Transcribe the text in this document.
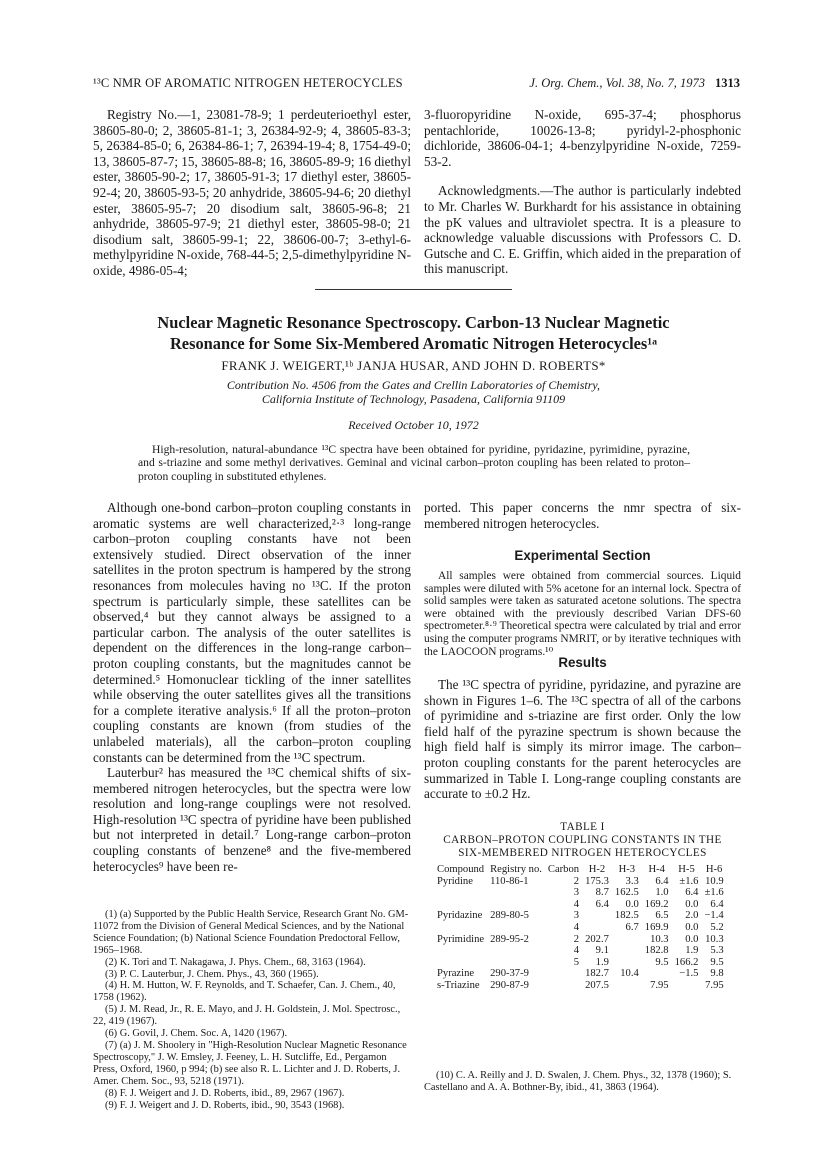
¹³C NMR OF AROMATIC NITROGEN HETEROCYCLES	J. Org. Chem., Vol. 38, No. 7, 1973 1313

Registry No.—1, 23081-78-9; 1 perdeuterioethyl ester, 38605-80-0; 2, 38605-81-1; 3, 26384-92-9; 4, 38605-83-3; 5, 26384-85-0; 6, 26384-86-1; 7, 26394-19-4; 8, 1754-49-0; 13, 38605-87-7; 15, 38605-88-8; 16, 38605-89-9; 16 diethyl ester, 38605-90-2; 17, 38605-91-3; 17 diethyl ester, 38605-92-4; 20, 38605-93-5; 20 anhydride, 38605-94-6; 20 diethyl ester, 38605-95-7; 20 disodium salt, 38605-96-8; 21 anhydride, 38605-97-9; 21 diethyl ester, 38605-98-0; 21 disodium salt, 38605-99-1; 22, 38606-00-7; 3-ethyl-6-methylpyridine N-oxide, 768-44-5; 2,5-dimethylpyridine N-oxide, 4986-05-4;

3-fluoropyridine N-oxide, 695-37-4; phosphorus pentachloride, 10026-13-8; pyridyl-2-phosphonic dichloride, 38606-04-1; 4-benzylpyridine N-oxide, 7259-53-2.

Acknowledgments.—The author is particularly indebted to Mr. Charles W. Burkhardt for his assistance in obtaining the pK values and ultraviolet spectra. It is a pleasure to acknowledge valuable discussions with Professors C. D. Gutsche and C. E. Griffin, which aided in the preparation of this manuscript.

Nuclear Magnetic Resonance Spectroscopy. Carbon-13 Nuclear Magnetic
Resonance for Some Six-Membered Aromatic Nitrogen Heterocycles¹ᵃ
FRANK J. WEIGERT,¹ᵇ JANJA HUSAR, AND JOHN D. ROBERTS*
Contribution No. 4506 from the Gates and Crellin Laboratories of Chemistry,
California Institute of Technology, Pasadena, California 91109
Received October 10, 1972

High-resolution, natural-abundance ¹³C spectra have been obtained for pyridine, pyridazine, pyrimidine, pyrazine, and s-triazine and some methyl derivatives. Geminal and vicinal carbon–proton coupling has been related to proton–proton coupling in substituted ethylenes.

Although one-bond carbon–proton coupling constants in aromatic systems are well characterized,²·³ long-range carbon–proton coupling constants have not been extensively studied. Direct observation of the inner satellites in the proton spectrum is hampered by the strong resonances from molecules having no ¹³C. If the proton spectrum is particularly simple, these satellites can be observed,⁴ but they cannot always be assigned to a particular carbon. The analysis of the outer satellites is dependent on the differences in the long-range carbon–proton coupling constants, but the magnitudes cannot be determined.⁵ Homonuclear tickling of the inner satellites while observing the outer satellites gives all the transitions for a complete iterative analysis.⁶ If all the proton–proton coupling constants are known (from studies of the unlabeled materials), all the carbon–proton coupling constants can be determined from the ¹³C spectrum.

Lauterbur² has measured the ¹³C chemical shifts of six-membered nitrogen heterocycles, but the spectra were low resolution and long-range couplings were not resolved. High-resolution ¹³C spectra of pyridine have been published but not interpreted in detail.⁷ Long-range carbon–proton coupling constants of benzene⁸ and the five-membered heterocycles⁹ have been re-

(1) (a) Supported by the Public Health Service, Research Grant No. GM-11072 from the Division of General Medical Sciences, and by the National Science Foundation; (b) National Science Foundation Predoctoral Fellow, 1965–1968.

(2) K. Tori and T. Nakagawa, J. Phys. Chem., 68, 3163 (1964).

(3) P. C. Lauterbur, J. Chem. Phys., 43, 360 (1965).

(4) H. M. Hutton, W. F. Reynolds, and T. Schaefer, Can. J. Chem., 40, 1758 (1962).

(5) J. M. Read, Jr., R. E. Mayo, and J. H. Goldstein, J. Mol. Spectrosc., 22, 419 (1967).

(6) G. Govil, J. Chem. Soc. A, 1420 (1967).

(7) (a) J. M. Shoolery in "High-Resolution Nuclear Magnetic Resonance Spectroscopy," J. W. Emsley, J. Feeney, L. H. Sutcliffe, Ed., Pergamon Press, Oxford, 1960, p 994; (b) see also R. L. Lichter and J. D. Roberts, J. Amer. Chem. Soc., 93, 5218 (1971).

(8) F. J. Weigert and J. D. Roberts, ibid., 89, 2967 (1967).

(9) F. J. Weigert and J. D. Roberts, ibid., 90, 3543 (1968).

ported. This paper concerns the nmr spectra of six-membered nitrogen heterocycles.

Experimental Section

All samples were obtained from commercial sources. Liquid samples were diluted with 5% acetone for an internal lock. Spectra of solid samples were taken as saturated acetone solutions. The spectra were obtained with the previously described Varian DFS-60 spectrometer.⁸·⁹ Theoretical spectra were calculated by trial and error using the computer programs NMRIT, or by iterative techniques with the LAOCOON programs.¹⁰

Results

The ¹³C spectra of pyridine, pyridazine, and pyrazine are shown in Figures 1–6. The ¹³C spectra of all of the carbons of pyrimidine and s-triazine are first order. Only the low field half of the pyrazine spectrum is shown because the high field half is simply its mirror image. The carbon–proton coupling constants for the parent heterocycles are summarized in Table I. Long-range coupling constants are accurate to ±0.2 Hz.

TABLE I
CARBON–PROTON COUPLING CONSTANTS IN THE
SIX-MEMBERED NITROGEN HETEROCYCLES
Compound	Registry no.	Carbon	H-2	H-3	H-4	H-5	H-6
Pyridine	110-86-1	2	175.3	3.3	6.4	±1.6	10.9
		3	8.7	162.5	1.0	6.4	±1.6
		4	6.4	0.0	169.2	0.0	6.4
Pyridazine	289-80-5	3		182.5	6.5	2.0	−1.4
		4		6.7	169.9	0.0	5.2
Pyrimidine	289-95-2	2	202.7		10.3	0.0	10.3
		4	9.1		182.8	1.9	5.3
		5	1.9		9.5	166.2	9.5
Pyrazine	290-37-9		182.7	10.4		−1.5	9.8
s-Triazine	290-87-9		207.5		7.95		7.95

(10) C. A. Reilly and J. D. Swalen, J. Chem. Phys., 32, 1378 (1960); S. Castellano and A. A. Bothner-By, ibid., 41, 3863 (1964).
